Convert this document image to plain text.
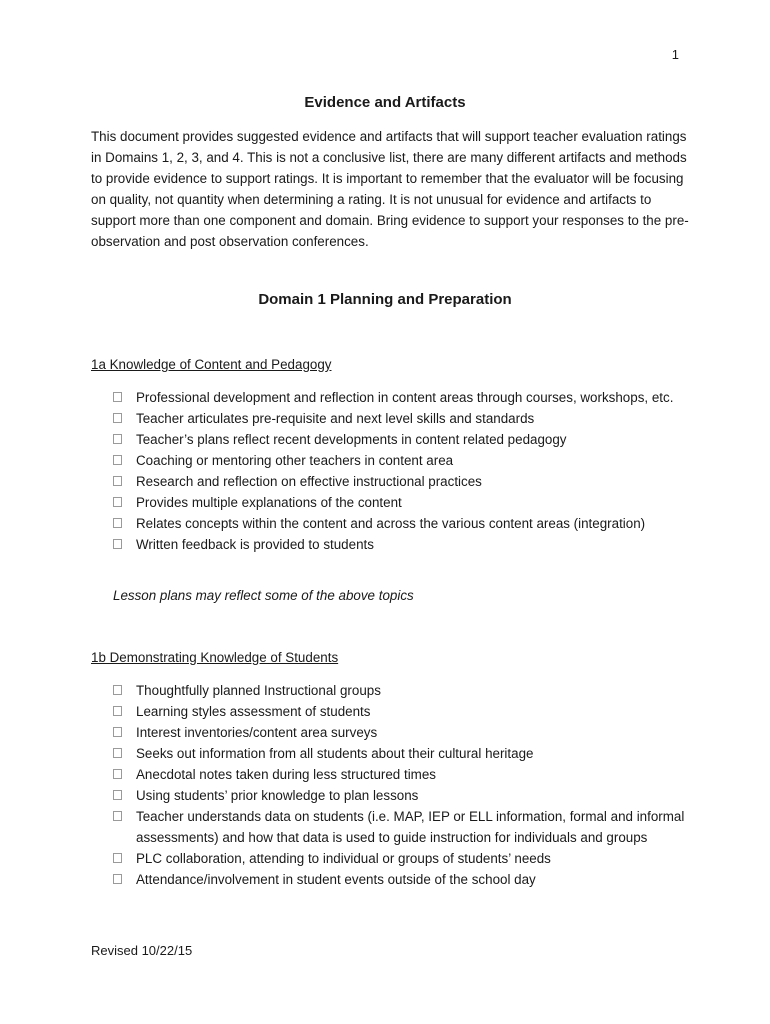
1
Evidence and Artifacts

This document provides suggested evidence and artifacts that will support teacher evaluation ratings in Domains 1, 2, 3, and 4. This is not a conclusive list, there are many different artifacts and methods to provide evidence to support ratings. It is important to remember that the evaluator will be focusing on quality, not quantity when determining a rating. It is not unusual for evidence and artifacts to support more than one component and domain. Bring evidence to support your responses to the pre-observation and post observation conferences.

Domain 1 Planning and Preparation

1a Knowledge of Content and Pedagogy

Professional development and reflection in content areas through courses, workshops, etc.
Teacher articulates pre-requisite and next level skills and standards
Teacher’s plans reflect recent developments in content related pedagogy
Coaching or mentoring other teachers in content area
Research and reflection on effective instructional practices
Provides multiple explanations of the content
Relates concepts within the content and across the various content areas (integration)
Written feedback is provided to students

Lesson plans may reflect some of the above topics

1b Demonstrating Knowledge of Students

Thoughtfully planned Instructional groups
Learning styles assessment of students
Interest inventories/content area surveys
Seeks out information from all students about their cultural heritage
Anecdotal notes taken during less structured times
Using students’ prior knowledge to plan lessons
Teacher understands data on students (i.e. MAP, IEP or ELL information, formal and informal assessments) and how that data is used to guide instruction for individuals and groups
PLC collaboration, attending to individual or groups of students’ needs
Attendance/involvement in student events outside of the school day
Revised 10/22/15
